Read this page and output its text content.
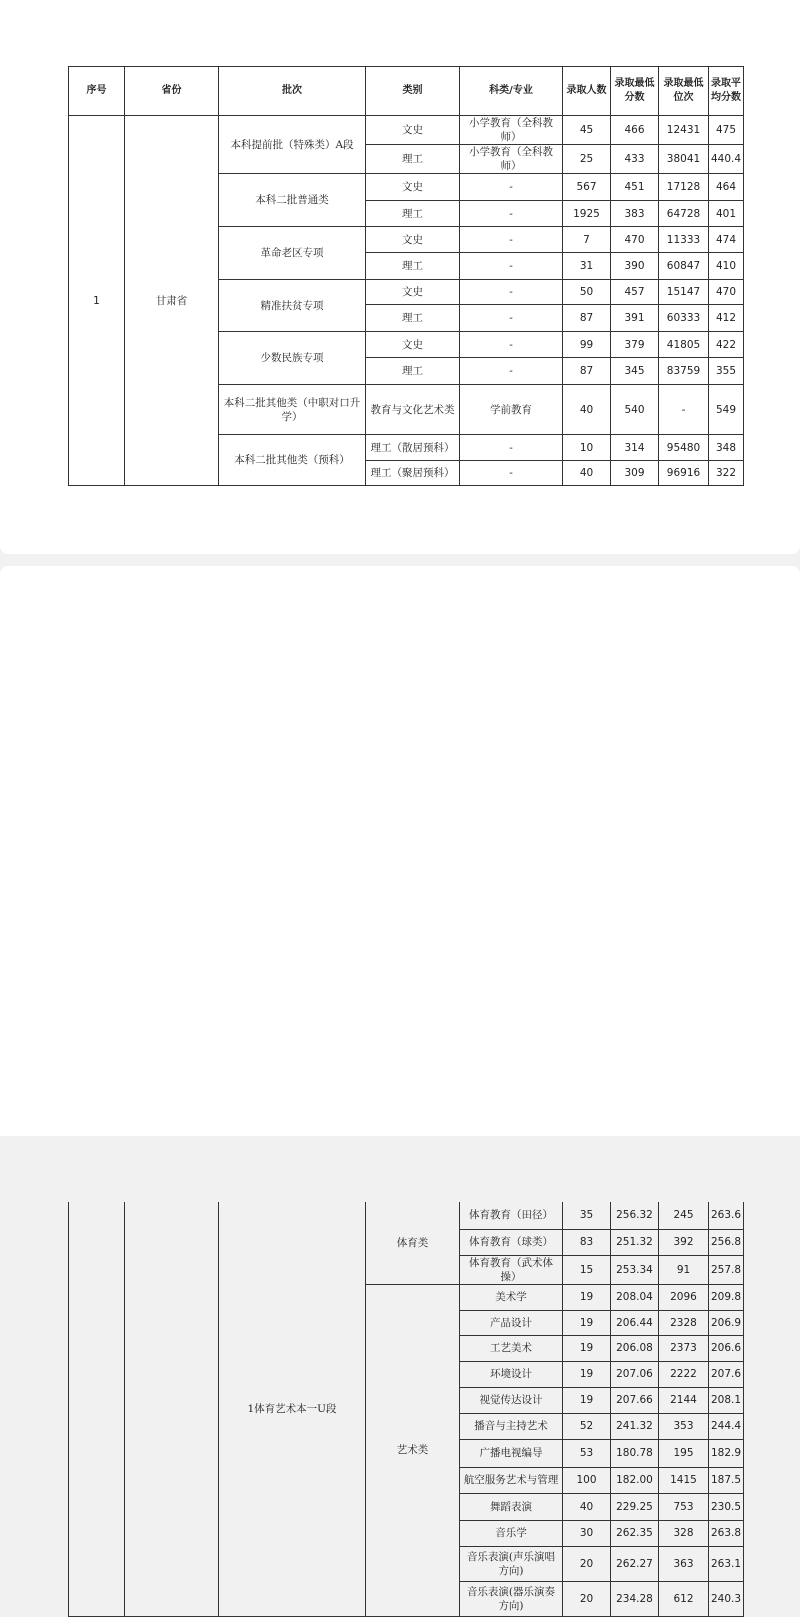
序号	省份	批次	类别	科类/专业	录取人数	录取最低分数	录取最低位次	录取平均分数
1	甘肃省	本科提前批（特殊类）A段	文史	小学教育（全科教师）	45	466	12431	475
			理工	小学教育（全科教师）	25	433	38041	440.4
		本科二批普通类	文史	-	567	451	17128	464
			理工	-	1925	383	64728	401
		革命老区专项	文史	-	7	470	11333	474
			理工	-	31	390	60847	410
		精准扶贫专项	文史	-	50	457	15147	470
			理工	-	87	391	60333	412
		少数民族专项	文史	-	99	379	41805	422
			理工	-	87	345	83759	355
		本科二批其他类（中职对口升学）	教育与文化艺术类	学前教育	40	540	-	549
		本科二批其他类（预科）	理工（散居预科）	-	10	314	95480	348
			理工（聚居预科）	-	40	309	96916	322
		1体育艺术本一U段	体育类	体育教育（田径）	35	256.32	245	263.6
				体育教育（球类）	83	251.32	392	256.8
				体育教育（武术体操）	15	253.34	91	257.8
			艺术类	美术学	19	208.04	2096	209.8
				产品设计	19	206.44	2328	206.9
				工艺美术	19	206.08	2373	206.6
				环境设计	19	207.06	2222	207.6
				视觉传达设计	19	207.66	2144	208.1
				播音与主持艺术	52	241.32	353	244.4
				广播电视编导	53	180.78	195	182.9
				航空服务艺术与管理	100	182.00	1415	187.5
				舞蹈表演	40	229.25	753	230.5
				音乐学	30	262.35	328	263.8
				音乐表演(声乐演唱方向)	20	262.27	363	263.1
				音乐表演(器乐演奏方向)	20	234.28	612	240.3
